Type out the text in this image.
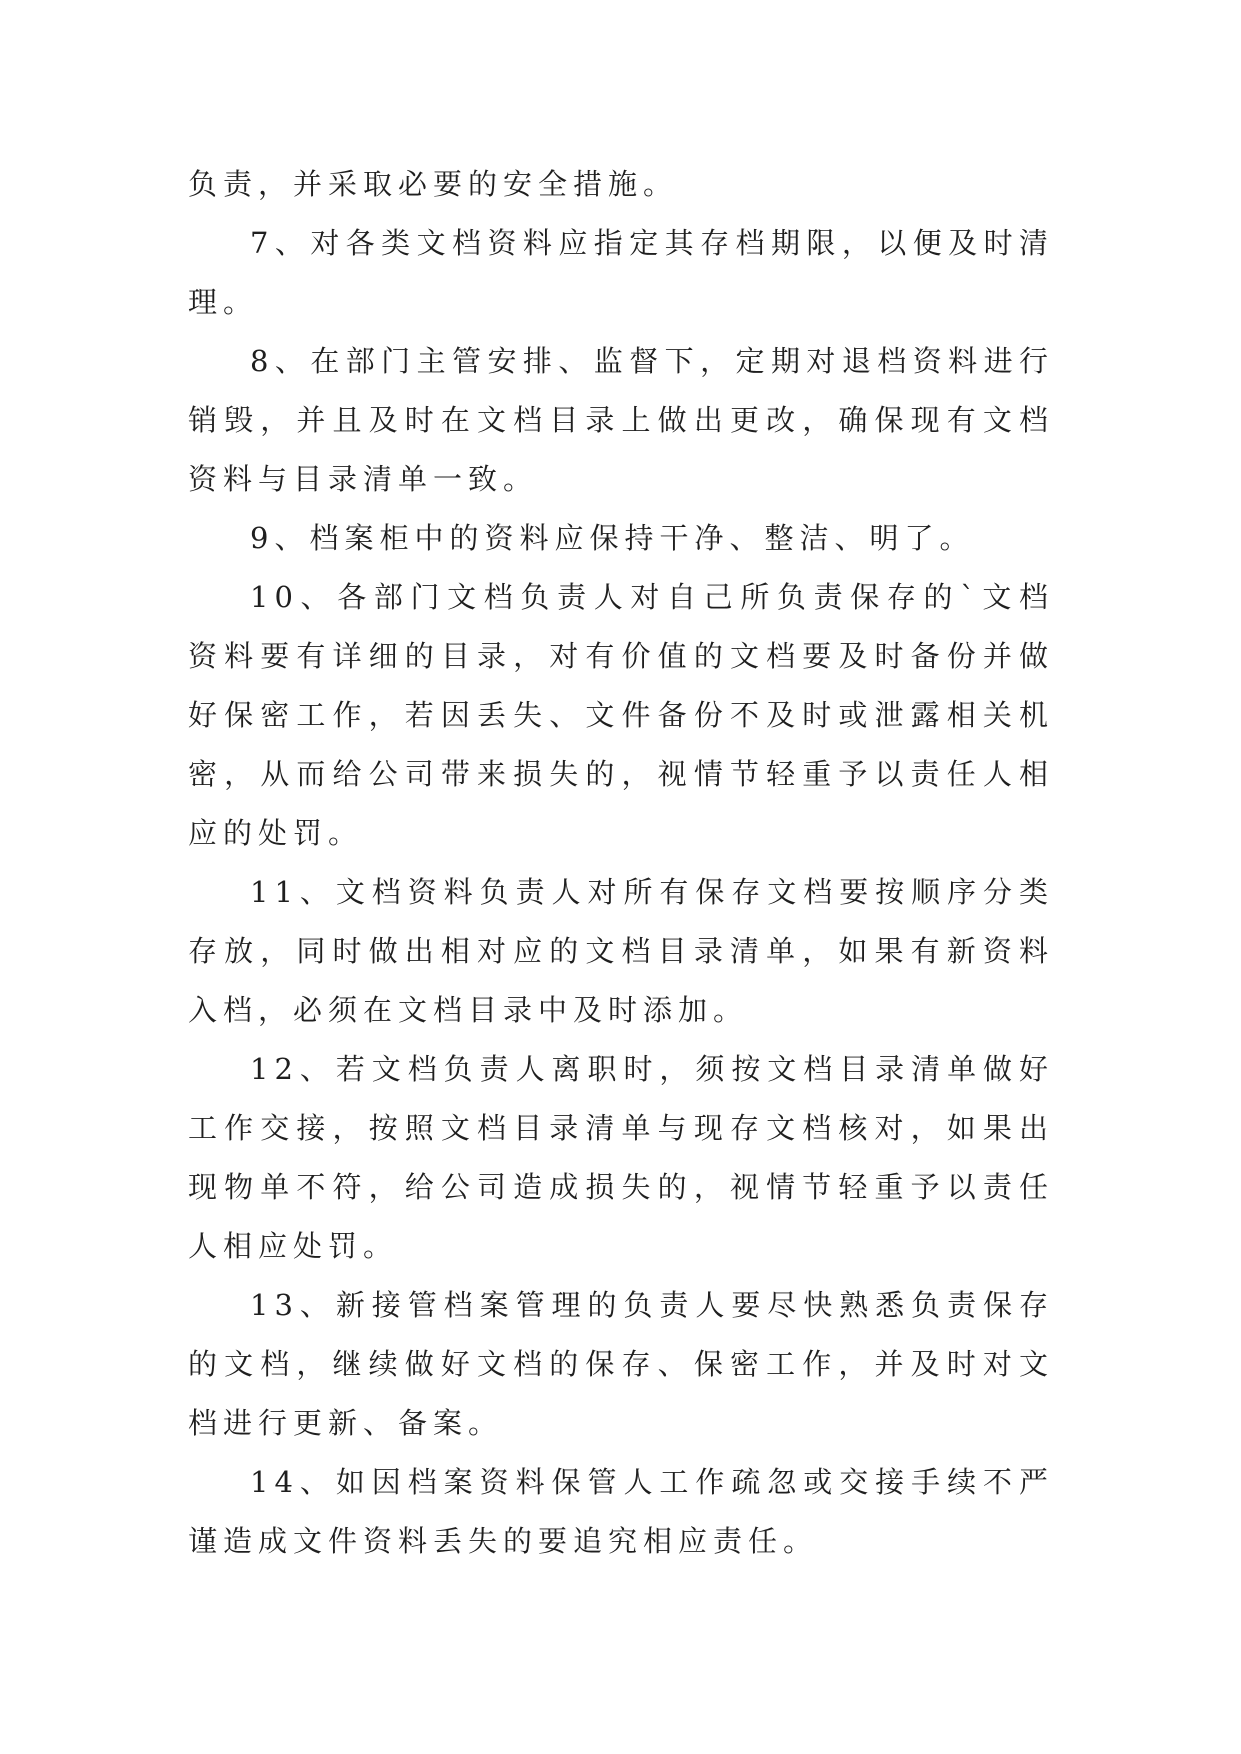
负责，并采取必要的安全措施。

7、对各类文档资料应指定其存档期限，以便及时清理。

8、在部门主管安排、监督下，定期对退档资料进行销毁，并且及时在文档目录上做出更改，确保现有文档资料与目录清单一致。

9、档案柜中的资料应保持干净、整洁、明了。

10、各部门文档负责人对自己所负责保存的`文档资料要有详细的目录，对有价值的文档要及时备份并做好保密工作，若因丢失、文件备份不及时或泄露相关机密，从而给公司带来损失的，视情节轻重予以责任人相应的处罚。

11、文档资料负责人对所有保存文档要按顺序分类存放，同时做出相对应的文档目录清单，如果有新资料入档，必须在文档目录中及时添加。

12、若文档负责人离职时，须按文档目录清单做好工作交接，按照文档目录清单与现存文档核对，如果出现物单不符，给公司造成损失的，视情节轻重予以责任人相应处罚。

13、新接管档案管理的负责人要尽快熟悉负责保存的文档，继续做好文档的保存、保密工作，并及时对文档进行更新、备案。

14、如因档案资料保管人工作疏忽或交接手续不严谨造成文件资料丢失的要追究相应责任。
